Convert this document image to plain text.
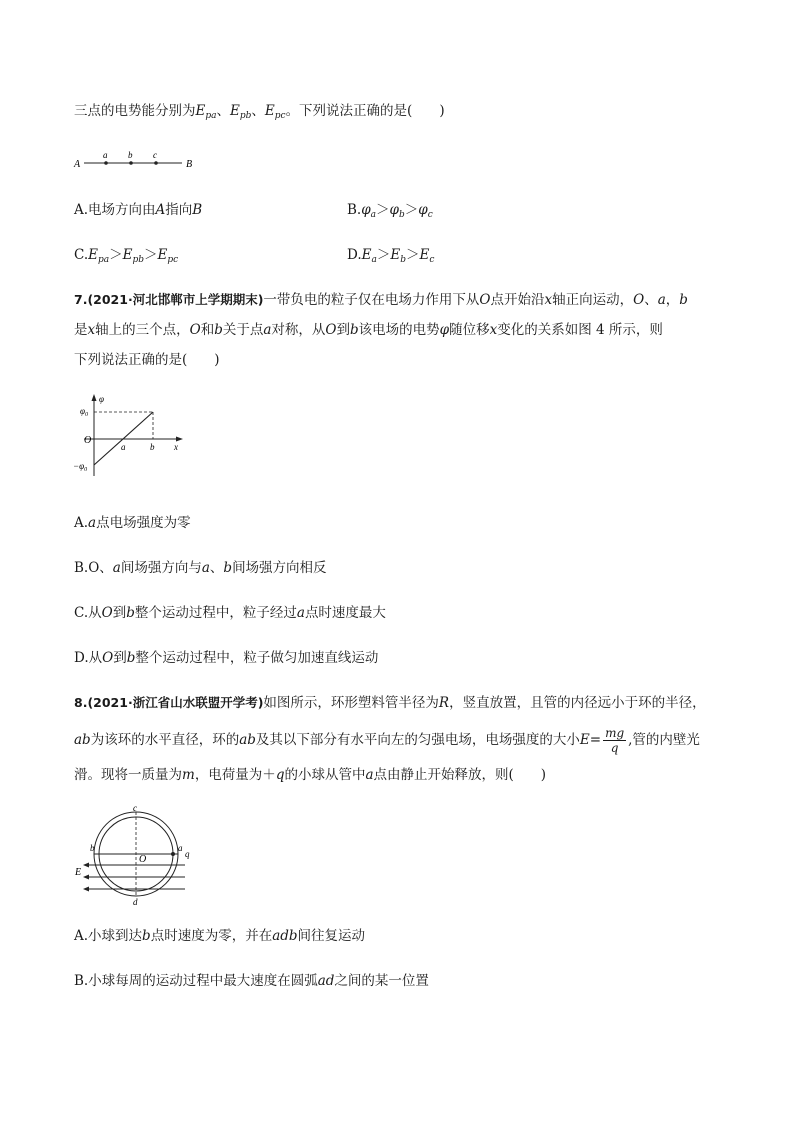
三点的电势能分别为$E_{pa}$、$E_{pb}$、$E_{pc}$。下列说法正确的是(　　)
A
a b c
B
A.电场方向由A指向B	$B.\varphi_a>\varphi_b>\varphi_c$
$C.E_{pa}>E_{pb}>E_{pc}$	$D.E_a>E_b>E_c$
7.(2021·河北邯郸市上学期期末)一带负电的粒子仅在电场力作用下从O点开始沿x轴正向运动，O、a，b
是x轴上的三个点，O和b关于点a对称，从O到b该电场的电势φ随位移x变化的关系如图 4 所示，则
下列说法正确的是(　　)
φ
$\varphi_0$
O
$-\varphi_0$
a	b x
A.a点电场强度为零
B.O、a间场强方向与a、b间场强方向相反
C.从O到b整个运动过程中，粒子经过a点时速度最大
D.从O到b整个运动过程中，粒子做匀加速直线运动
8.(2021·浙江省山水联盟开学考)如图所示，环形塑料管半径为R，竖直放置，且管的内径远小于环的半径，
ab为该环的水平直径，环的ab及其以下部分有水平向左的匀强电场，电场强度的大小$E= \frac{mg}{q}$ ,管的内壁光
滑。现将一质量为m，电荷量为＋q的小球从管中a点由静止开始释放，则(　　)
c
b
O
a
q
E
d
A.小球到达b点时速度为零，并在adb间往复运动
B.小球每周的运动过程中最大速度在圆弧ad之间的某一位置
